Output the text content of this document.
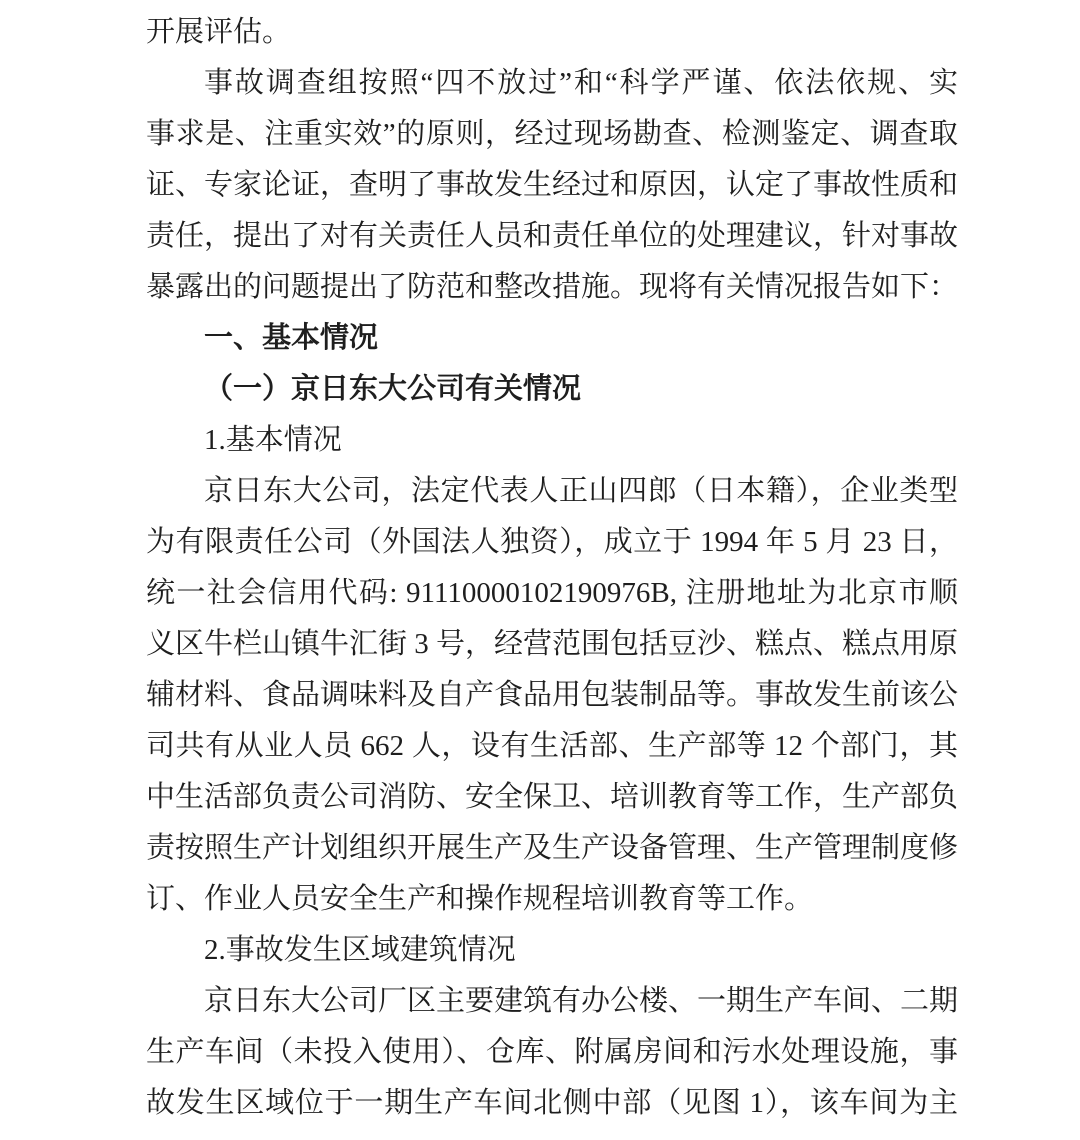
开展评估。
事故调查组按照“四不放过”和“科学严谨、依法依规、实
事求是、注重实效”的原则，经过现场勘查、检测鉴定、调查取
证、专家论证，查明了事故发生经过和原因，认定了事故性质和
责任，提出了对有关责任人员和责任单位的处理建议，针对事故
暴露出的问题提出了防范和整改措施。现将有关情况报告如下：
一、基本情况
（一）京日东大公司有关情况
1.基本情况
京日东大公司，法定代表人正山四郎（日本籍），企业类型
为有限责任公司（外国法人独资），成立于 1994 年 5 月 23 日，
统一社会信用代码: 91110000102190976B, 注册地址为北京市顺
义区牛栏山镇牛汇街 3 号，经营范围包括豆沙、糕点、糕点用原
辅材料、食品调味料及自产食品用包装制品等。事故发生前该公
司共有从业人员 662 人，设有生活部、生产部等 12 个部门，其
中生活部负责公司消防、安全保卫、培训教育等工作，生产部负
责按照生产计划组织开展生产及生产设备管理、生产管理制度修
订、作业人员安全生产和操作规程培训教育等工作。
2.事故发生区域建筑情况
京日东大公司厂区主要建筑有办公楼、一期生产车间、二期
生产车间（未投入使用）、仓库、附属房间和污水处理设施，事
故发生区域位于一期生产车间北侧中部（见图 1），该车间为主
